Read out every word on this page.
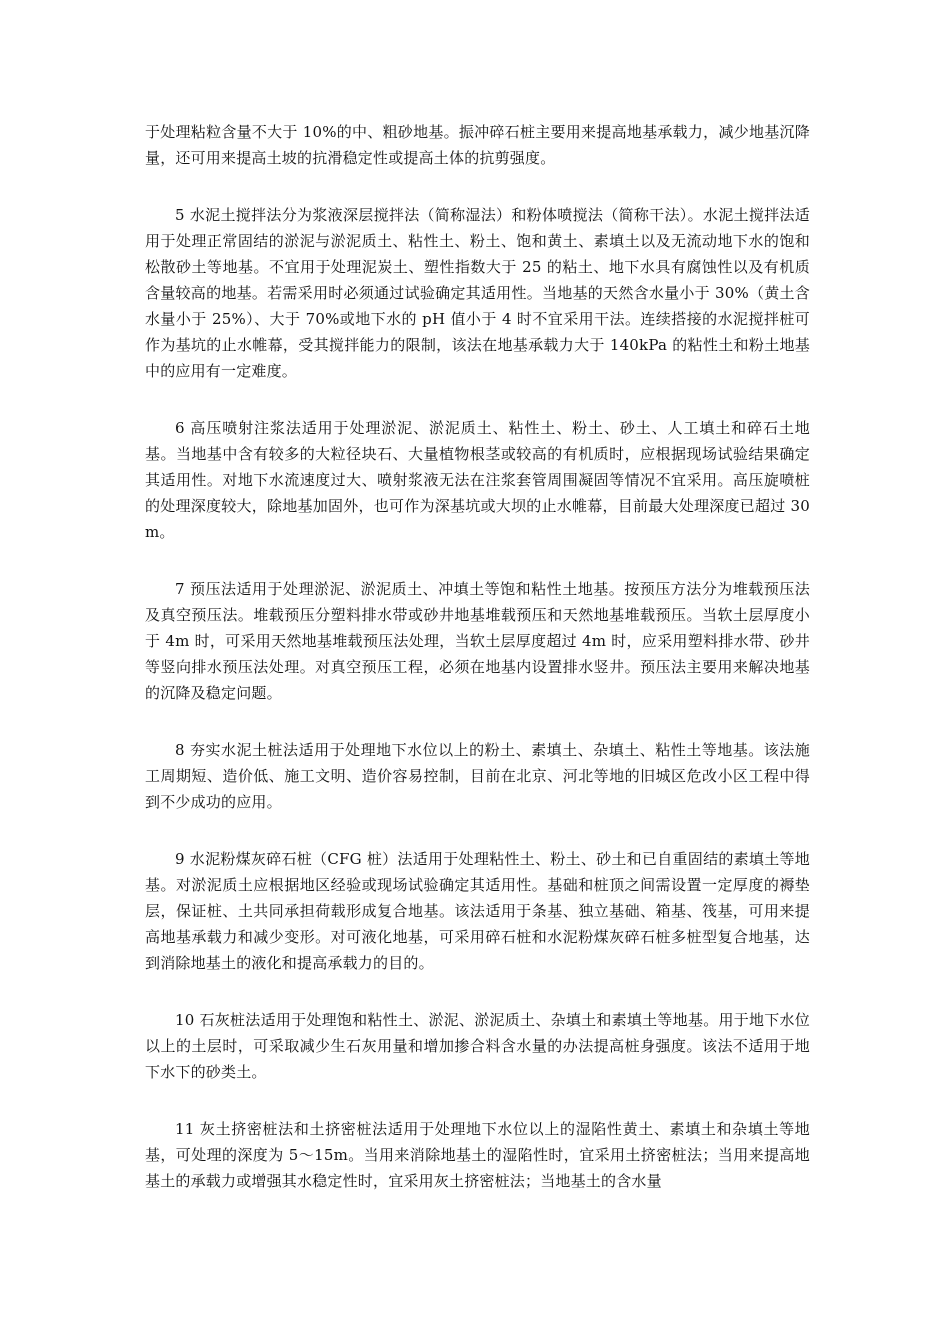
于处理粘粒含量不大于 10%的中、粗砂地基。振冲碎石桩主要用来提高地基承载力，减少地基沉降量，还可用来提高土坡的抗滑稳定性或提高土体的抗剪强度。

5 水泥土搅拌法分为浆液深层搅拌法（简称湿法）和粉体喷搅法（简称干法）。水泥土搅拌法适用于处理正常固结的淤泥与淤泥质土、粘性土、粉土、饱和黄土、素填土以及无流动地下水的饱和松散砂土等地基。不宜用于处理泥炭土、塑性指数大于 25 的粘土、地下水具有腐蚀性以及有机质含量较高的地基。若需采用时必须通过试验确定其适用性。当地基的天然含水量小于 30%（黄土含水量小于 25%）、大于 70%或地下水的 pH 值小于 4 时不宜采用干法。连续搭接的水泥搅拌桩可作为基坑的止水帷幕，受其搅拌能力的限制，该法在地基承载力大于 140kPa 的粘性土和粉土地基中的应用有一定难度。

6 高压喷射注浆法适用于处理淤泥、淤泥质土、粘性土、粉土、砂土、人工填土和碎石土地基。当地基中含有较多的大粒径块石、大量植物根茎或较高的有机质时，应根据现场试验结果确定其适用性。对地下水流速度过大、喷射浆液无法在注浆套管周围凝固等情况不宜采用。高压旋喷桩的处理深度较大，除地基加固外，也可作为深基坑或大坝的止水帷幕，目前最大处理深度已超过 30m。

7 预压法适用于处理淤泥、淤泥质土、冲填土等饱和粘性土地基。按预压方法分为堆载预压法及真空预压法。堆载预压分塑料排水带或砂井地基堆载预压和天然地基堆载预压。当软土层厚度小于 4m 时，可采用天然地基堆载预压法处理，当软土层厚度超过 4m 时，应采用塑料排水带、砂井等竖向排水预压法处理。对真空预压工程，必须在地基内设置排水竖井。预压法主要用来解决地基的沉降及稳定问题。

8 夯实水泥土桩法适用于处理地下水位以上的粉土、素填土、杂填土、粘性土等地基。该法施工周期短、造价低、施工文明、造价容易控制，目前在北京、河北等地的旧城区危改小区工程中得到不少成功的应用。

9 水泥粉煤灰碎石桩（CFG 桩）法适用于处理粘性土、粉土、砂土和已自重固结的素填土等地基。对淤泥质土应根据地区经验或现场试验确定其适用性。基础和桩顶之间需设置一定厚度的褥垫层，保证桩、土共同承担荷载形成复合地基。该法适用于条基、独立基础、箱基、筏基，可用来提高地基承载力和减少变形。对可液化地基，可采用碎石桩和水泥粉煤灰碎石桩多桩型复合地基，达到消除地基土的液化和提高承载力的目的。

10 石灰桩法适用于处理饱和粘性土、淤泥、淤泥质土、杂填土和素填土等地基。用于地下水位以上的土层时，可采取减少生石灰用量和增加掺合料含水量的办法提高桩身强度。该法不适用于地下水下的砂类土。

11 灰土挤密桩法和土挤密桩法适用于处理地下水位以上的湿陷性黄土、素填土和杂填土等地基，可处理的深度为 5～15m。当用来消除地基土的湿陷性时，宜采用土挤密桩法；当用来提高地基土的承载力或增强其水稳定性时，宜采用灰土挤密桩法；当地基土的含水量
